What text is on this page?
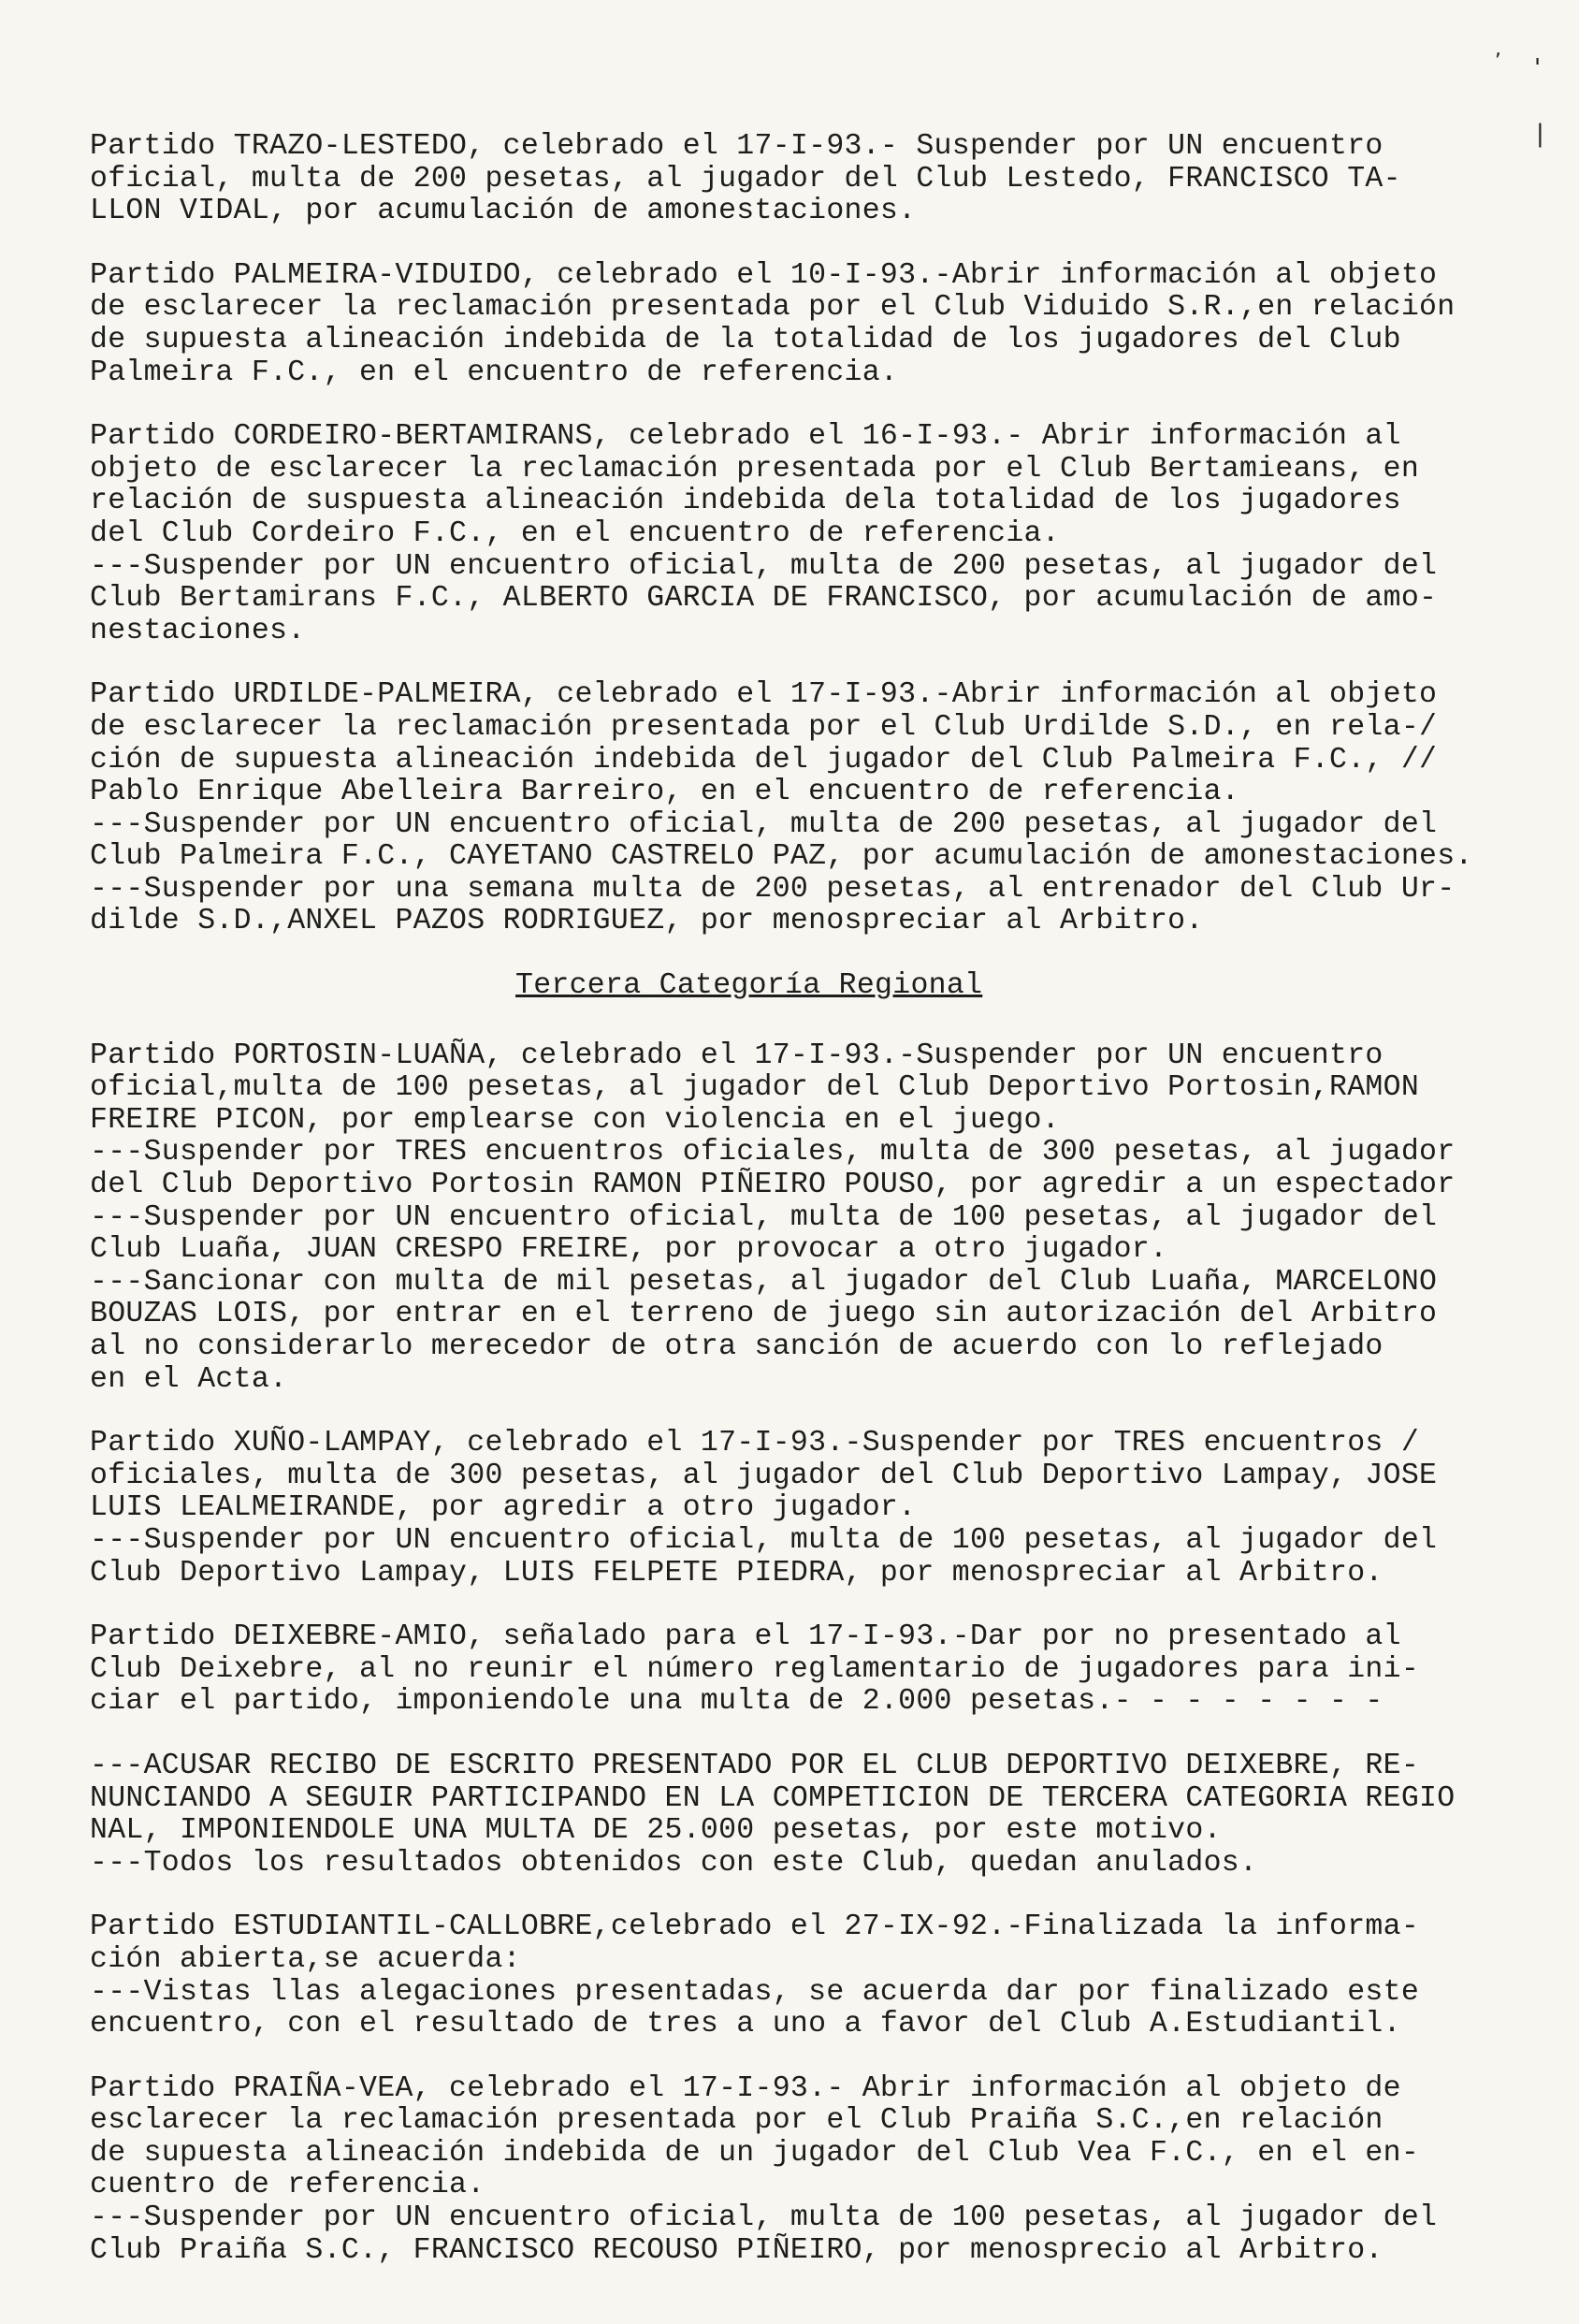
,
'
|
Partido TRAZO-LESTEDO, celebrado el 17-I-93.- Suspender por UN encuentro
oficial, multa de 200 pesetas, al jugador del Club Lestedo, FRANCISCO TA-
LLON VIDAL, por acumulación de amonestaciones.
Partido PALMEIRA-VIDUIDO, celebrado el 10-I-93.-Abrir información al objeto
de esclarecer la reclamación presentada por el Club Viduido S.R.,en relación
de supuesta alineación indebida de la totalidad de los jugadores del Club
Palmeira F.C., en el encuentro de referencia.
Partido CORDEIRO-BERTAMIRANS, celebrado el 16-I-93.- Abrir información al
objeto de esclarecer la reclamación presentada por el Club Bertamieans, en
relación de suspuesta alineación indebida dela totalidad de los jugadores
del Club Cordeiro F.C., en el encuentro de referencia.
---Suspender por UN encuentro oficial, multa de 200 pesetas, al jugador del
Club Bertamirans F.C., ALBERTO GARCIA DE FRANCISCO, por acumulación de amo-
nestaciones.
Partido URDILDE-PALMEIRA, celebrado el 17-I-93.-Abrir información al objeto
de esclarecer la reclamación presentada por el Club Urdilde S.D., en rela-/
ción de supuesta alineación indebida del jugador del Club Palmeira F.C., //
Pablo Enrique Abelleira Barreiro, en el encuentro de referencia.
---Suspender por UN encuentro oficial, multa de 200 pesetas, al jugador del
Club Palmeira F.C., CAYETANO CASTRELO PAZ, por acumulación de amonestaciones.
---Suspender por una semana multa de 200 pesetas, al entrenador del Club Ur-
dilde S.D.,ANXEL PAZOS RODRIGUEZ, por menospreciar al Arbitro.
Tercera Categoría Regional
Partido PORTOSIN-LUAÑA, celebrado el 17-I-93.-Suspender por UN encuentro
oficial,multa de 100 pesetas, al jugador del Club Deportivo Portosin,RAMON
FREIRE PICON, por emplearse con violencia en el juego.
---Suspender por TRES encuentros oficiales, multa de 300 pesetas, al jugador
del Club Deportivo Portosin RAMON PIÑEIRO POUSO, por agredir a un espectador
---Suspender por UN encuentro oficial, multa de 100 pesetas, al jugador del
Club Luaña, JUAN CRESPO FREIRE, por provocar a otro jugador.
---Sancionar con multa de mil pesetas, al jugador del Club Luaña, MARCELONO
BOUZAS LOIS, por entrar en el terreno de juego sin autorización del Arbitro
al no considerarlo merecedor de otra sanción de acuerdo con lo reflejado
en el Acta.
Partido XUÑO-LAMPAY, celebrado el 17-I-93.-Suspender por TRES encuentros /
oficiales, multa de 300 pesetas, al jugador del Club Deportivo Lampay, JOSE
LUIS LEALMEIRANDE, por agredir a otro jugador.
---Suspender por UN encuentro oficial, multa de 100 pesetas, al jugador del
Club Deportivo Lampay, LUIS FELPETE PIEDRA, por menospreciar al Arbitro.
Partido DEIXEBRE-AMIO, señalado para el 17-I-93.-Dar por no presentado al
Club Deixebre, al no reunir el número reglamentario de jugadores para ini-
ciar el partido, imponiendole una multa de 2.000 pesetas.- - - - - - - -
---ACUSAR RECIBO DE ESCRITO PRESENTADO POR EL CLUB DEPORTIVO DEIXEBRE, RE-
NUNCIANDO A SEGUIR PARTICIPANDO EN LA COMPETICION DE TERCERA CATEGORIA REGIO
NAL, IMPONIENDOLE UNA MULTA DE 25.000 pesetas, por este motivo.
---Todos los resultados obtenidos con este Club, quedan anulados.
Partido ESTUDIANTIL-CALLOBRE,celebrado el 27-IX-92.-Finalizada la informa-
ción abierta,se acuerda:
---Vistas llas alegaciones presentadas, se acuerda dar por finalizado este
encuentro, con el resultado de tres a uno a favor del Club A.Estudiantil.
Partido PRAIÑA-VEA, celebrado el 17-I-93.- Abrir información al objeto de
esclarecer la reclamación presentada por el Club Praiña S.C.,en relación
de supuesta alineación indebida de un jugador del Club Vea F.C., en el en-
cuentro de referencia.
---Suspender por UN encuentro oficial, multa de 100 pesetas, al jugador del
Club Praiña S.C., FRANCISCO RECOUSO PIÑEIRO, por menosprecio al Arbitro.
